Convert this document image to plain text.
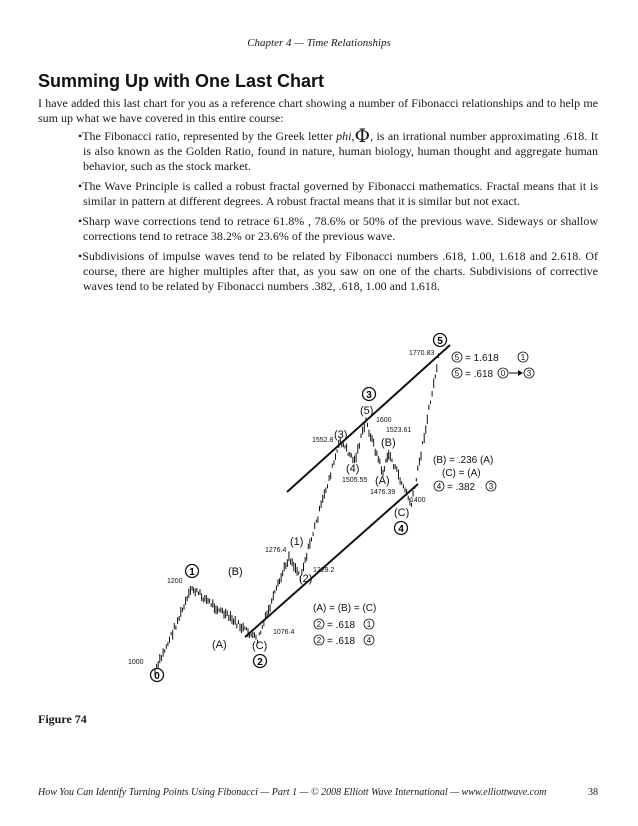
Chapter 4 — Time Relationships
Summing Up with One Last Chart
I have added this last chart for you as a reference chart showing a number of Fibonacci relationships and to help me sum up what we have covered in this entire course:
•The Fibonacci ratio, represented by the Greek letter phi,Φ, is an irrational number approximating .618. It is also known as the Golden Ratio, found in nature, human biology, human thought and aggregate human behavior, such as the stock market.
•The Wave Principle is called a robust fractal governed by Fibonacci mathematics. Fractal means that it is similar in pattern at different degrees. A robust fractal means that it is similar but not exact.
•Sharp wave corrections tend to retrace 61.8% , 78.6% or 50% of the previous wave. Sideways or shallow corrections tend to retrace 38.2% or 23.6% of the previous wave.
•Subdivisions of impulse waves tend to be related by Fibonacci numbers .618, 1.00, 1.618 and 2.618. Of course, there are higher multiples after that, as you saw on one of the charts. Subdivisions of corrective waves tend to be related by Fibonacci numbers .382, .618, 1.00 and 1.618.
0
1
2
3
4
5
(A)
(B)
(C)
(1)
(2)
(3)
(4)
(5)
(A)
(B)
(C)
1000
1200
1076.4
1276.4
1229.2
1552.8
1505.55
1600
1523.61
1476.39
1400
1770.83	5 = 1.618	1
5 = .618 0	3
(B) = .236 (A)
(C) = (A)
4 = .382 3
(A) = (B) = (C)
2 = .618 1
2 = .618 4
Figure 74
How You Can Identify Turning Points Using Fibonacci — Part 1 — © 2008 Elliott Wave International — www.elliottwave.com	38
